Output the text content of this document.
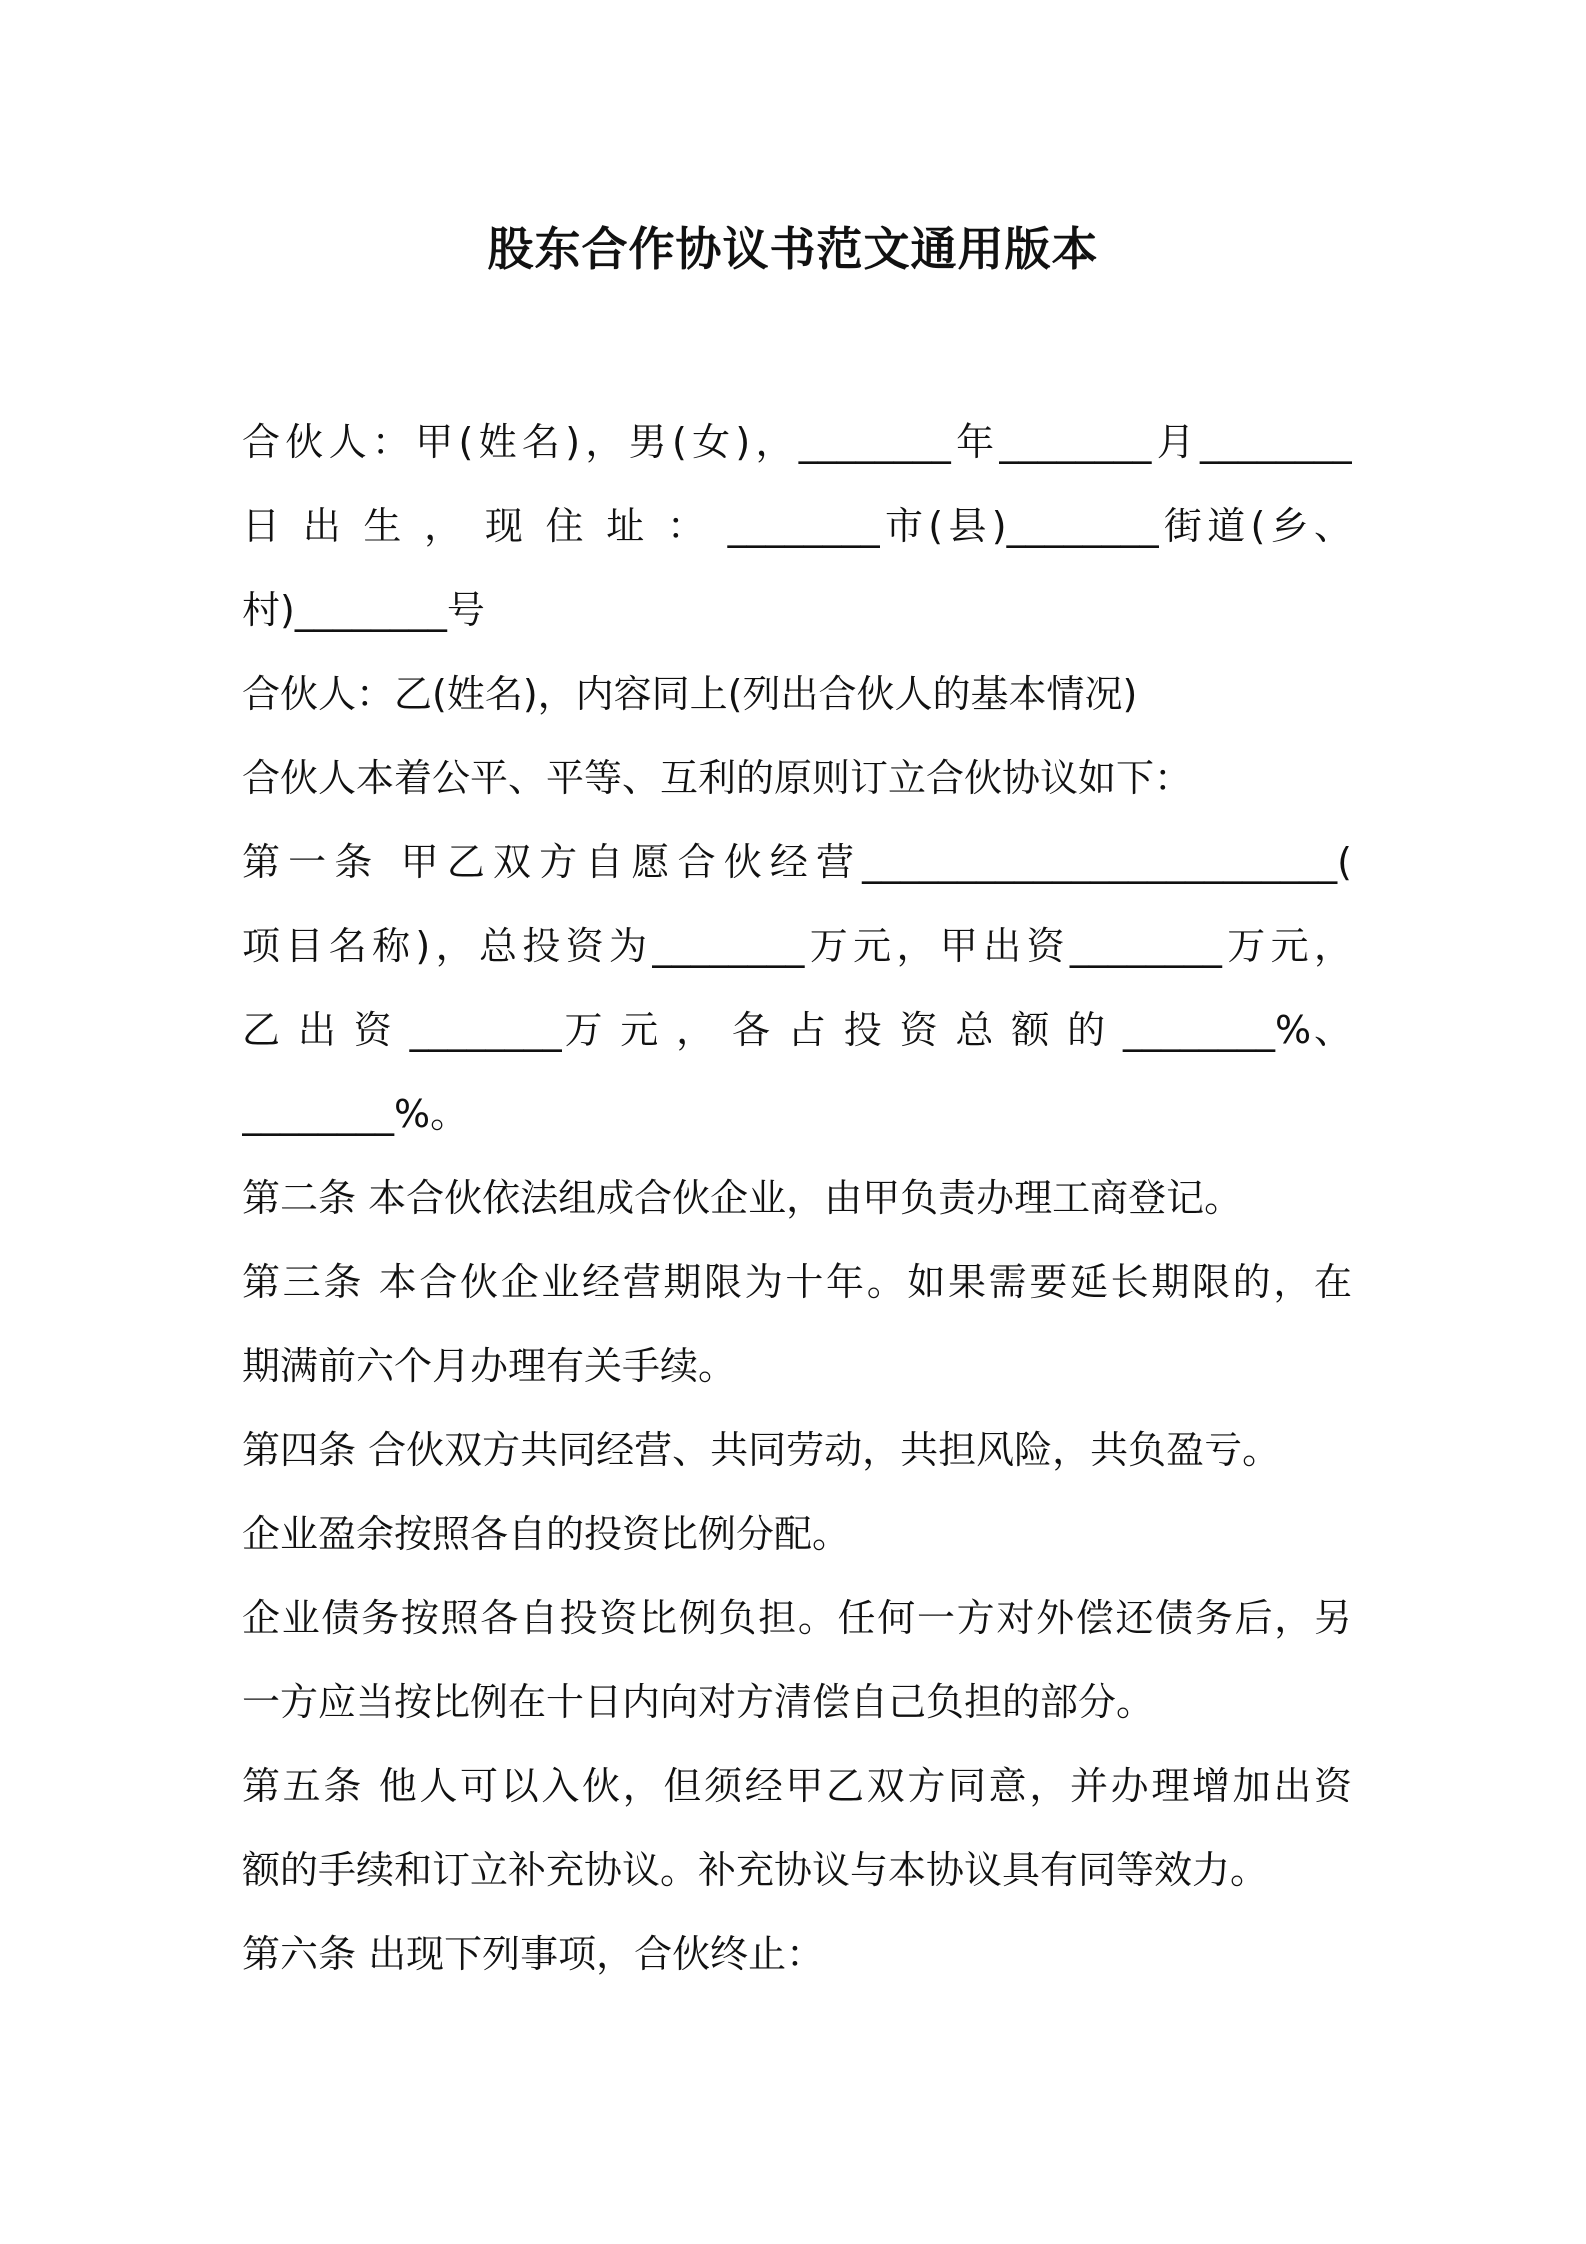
股东合作协议书范文通用版本
合伙人：甲(姓名)，男(女)，________年________月________
日 出 生 ， 现 住 址 ： ________市(县)________街道(乡、
村)________号
合伙人：乙(姓名)，内容同上(列出合伙人的基本情况)
合伙人本着公平、平等、互利的原则订立合伙协议如下：
第一条 甲乙双方自愿合伙经营_________________________(
项目名称)，总投资为________万元，甲出资________万元，
乙 出 资 ________万 元 ， 各 占 投 资 总 额 的 ________%、
________%。
第二条 本合伙依法组成合伙企业，由甲负责办理工商登记。
第三条 本合伙企业经营期限为十年。如果需要延长期限的，在
期满前六个月办理有关手续。
第四条 合伙双方共同经营、共同劳动，共担风险，共负盈亏。
企业盈余按照各自的投资比例分配。
企业债务按照各自投资比例负担。任何一方对外偿还债务后，另
一方应当按比例在十日内向对方清偿自己负担的部分。
第五条 他人可以入伙，但须经甲乙双方同意，并办理增加出资
额的手续和订立补充协议。补充协议与本协议具有同等效力。
第六条 出现下列事项，合伙终止：
